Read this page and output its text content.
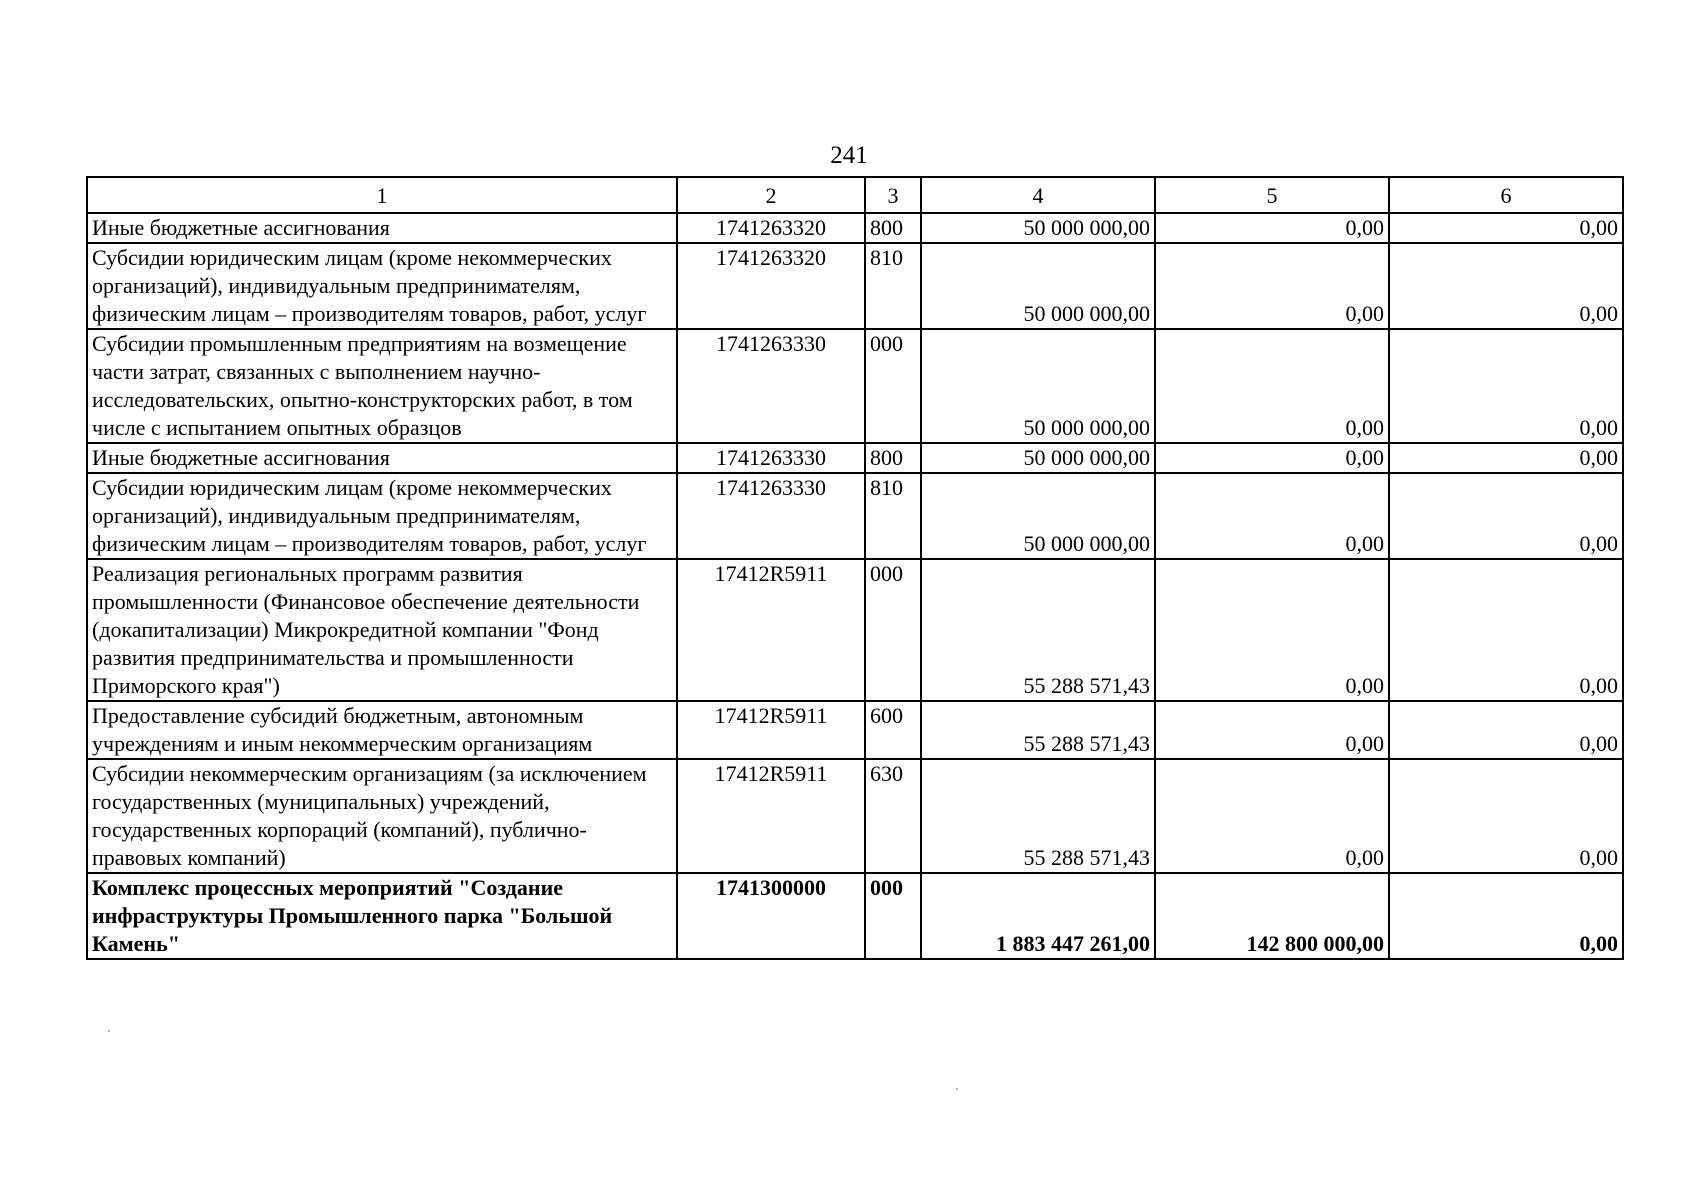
241
1	2	3	4	5	6
Иные бюджетные ассигнования	1741263320	800	50 000 000,00	0,00	0,00
Субсидии юридическим лицам (кроме некоммерческих организаций), индивидуальным предпринимателям, физическим лицам – производителям товаров, работ, услуг	1741263320	810	50 000 000,00	0,00	0,00
Субсидии промышленным предприятиям на возмещение части затрат, связанных с выполнением научно-исследовательских, опытно-конструкторских работ, в том числе с испытанием опытных образцов	1741263330	000	50 000 000,00	0,00	0,00
Иные бюджетные ассигнования	1741263330	800	50 000 000,00	0,00	0,00
Субсидии юридическим лицам (кроме некоммерческих организаций), индивидуальным предпринимателям, физическим лицам – производителям товаров, работ, услуг	1741263330	810	50 000 000,00	0,00	0,00
Реализация региональных программ развития промышленности (Финансовое обеспечение деятельности (докапитализации) Микрокредитной компании "Фонд развития предпринимательства и промышленности Приморского края")	17412R5911	000	55 288 571,43	0,00	0,00
Предоставление субсидий бюджетным, автономным учреждениям и иным некоммерческим организациям	17412R5911	600	55 288 571,43	0,00	0,00
Субсидии некоммерческим организациям (за исключением государственных (муниципальных) учреждений, государственных корпораций (компаний), публично-правовых компаний)	17412R5911	630	55 288 571,43	0,00	0,00
Комплекс процессных мероприятий "Создание инфраструктуры Промышленного парка "Большой Камень"	1741300000	000	1 883 447 261,00	142 800 000,00	0,00
